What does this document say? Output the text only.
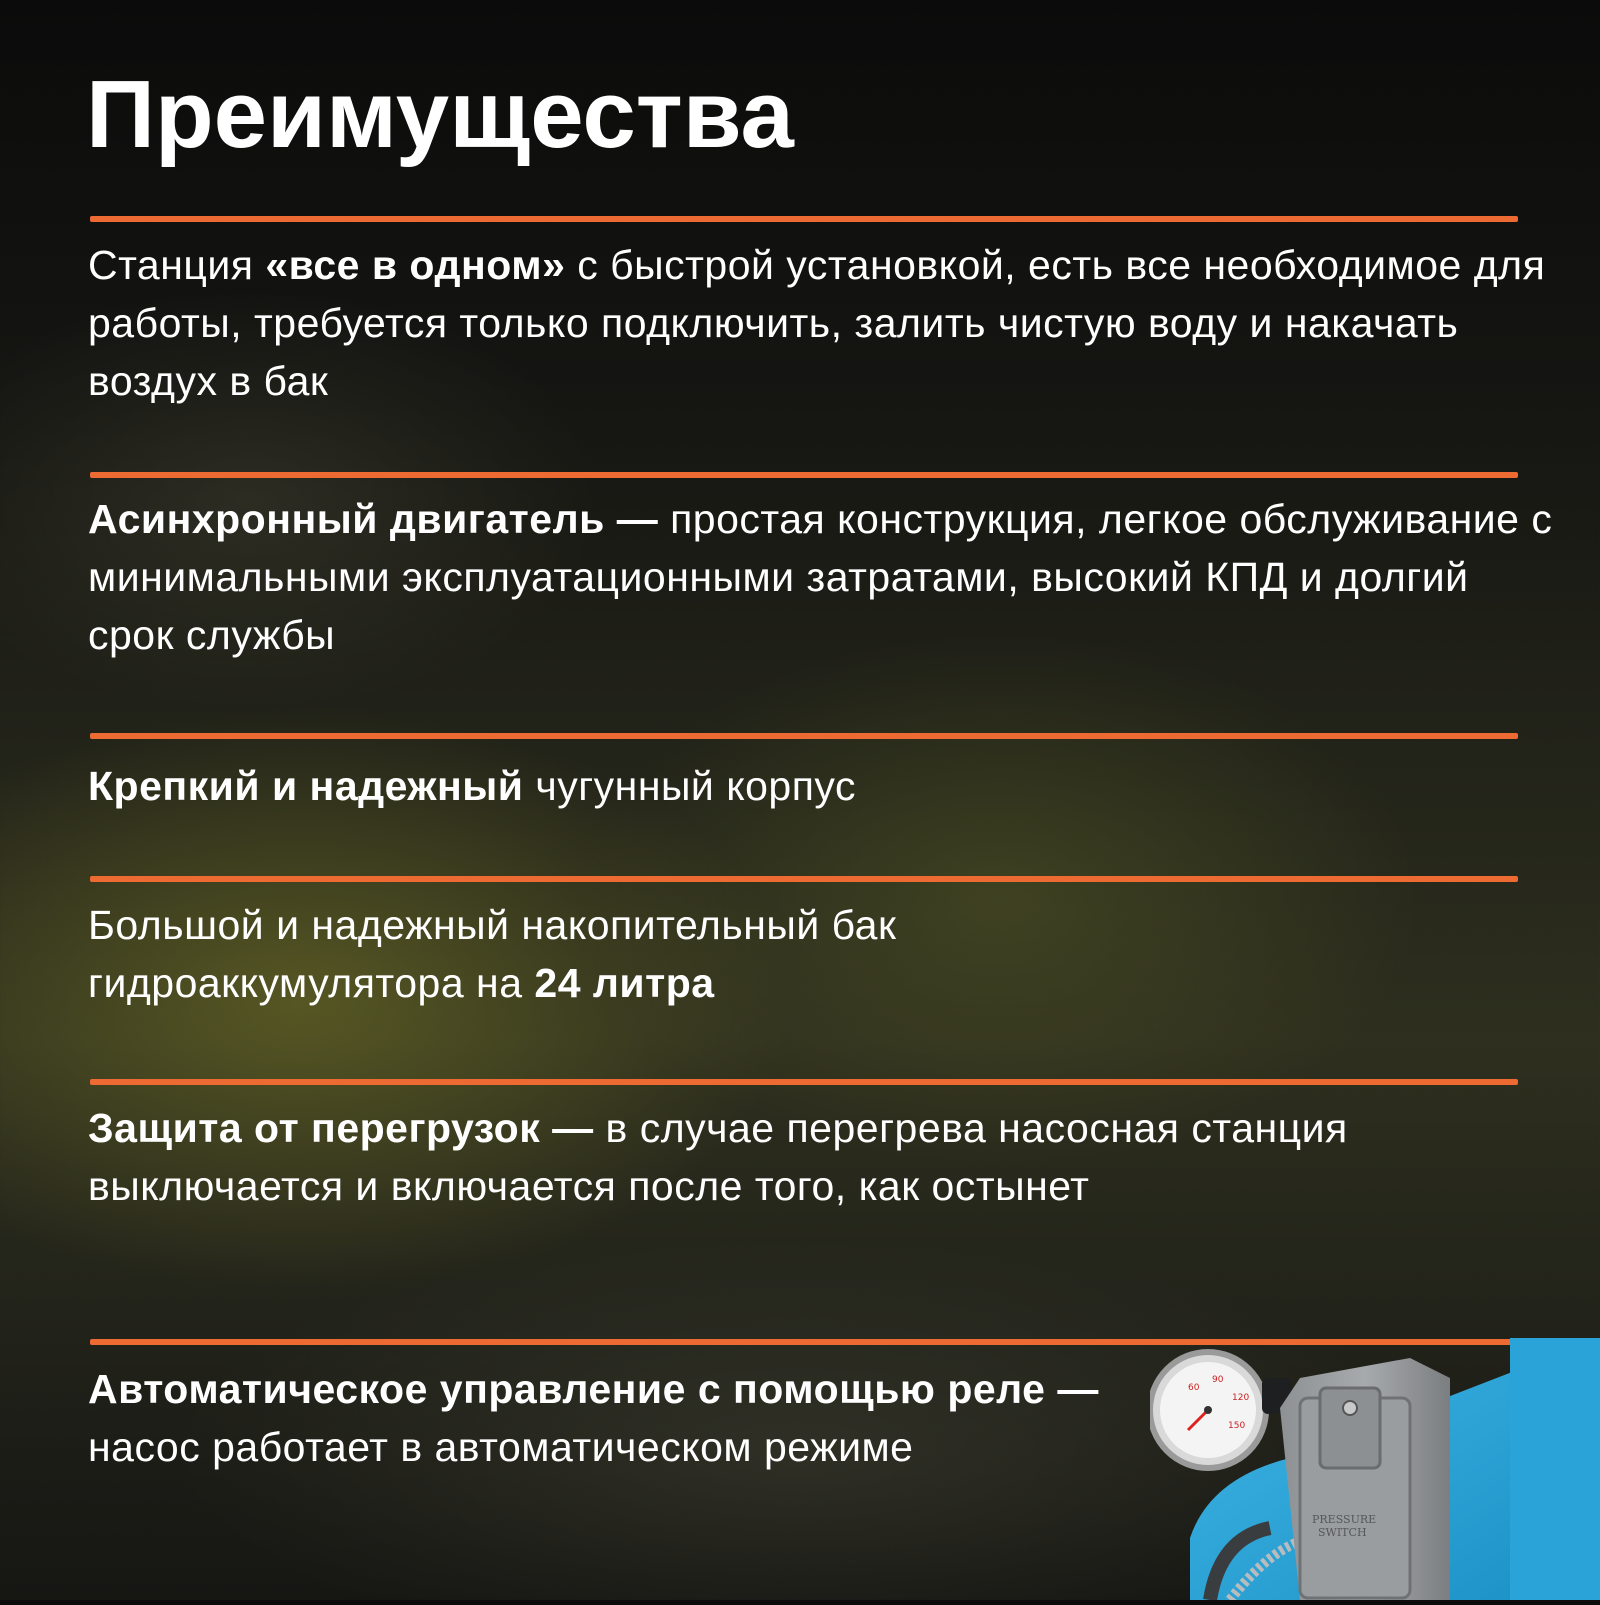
Преимущества

Станция «все в одном» с быстрой установкой, есть все необходимое для работы, требуется только подключить, залить чистую воду и накачать воздух в бак

Асинхронный двигатель — простая конструкция, легкое обслуживание с минимальными эксплуатационными затратами, высокий КПД и долгий срок службы

Крепкий и надежный чугунный корпус

Большой и надежный накопительный бак гидроаккумулятора на 24 литра

Защита от перегрузок — в случае перегрева насосная станция выключается и включается после того, как остынет

Автоматическое управление с помощью реле — насос работает в автоматическом режиме

60
90
120
150
PRESSURE
SWITCH
